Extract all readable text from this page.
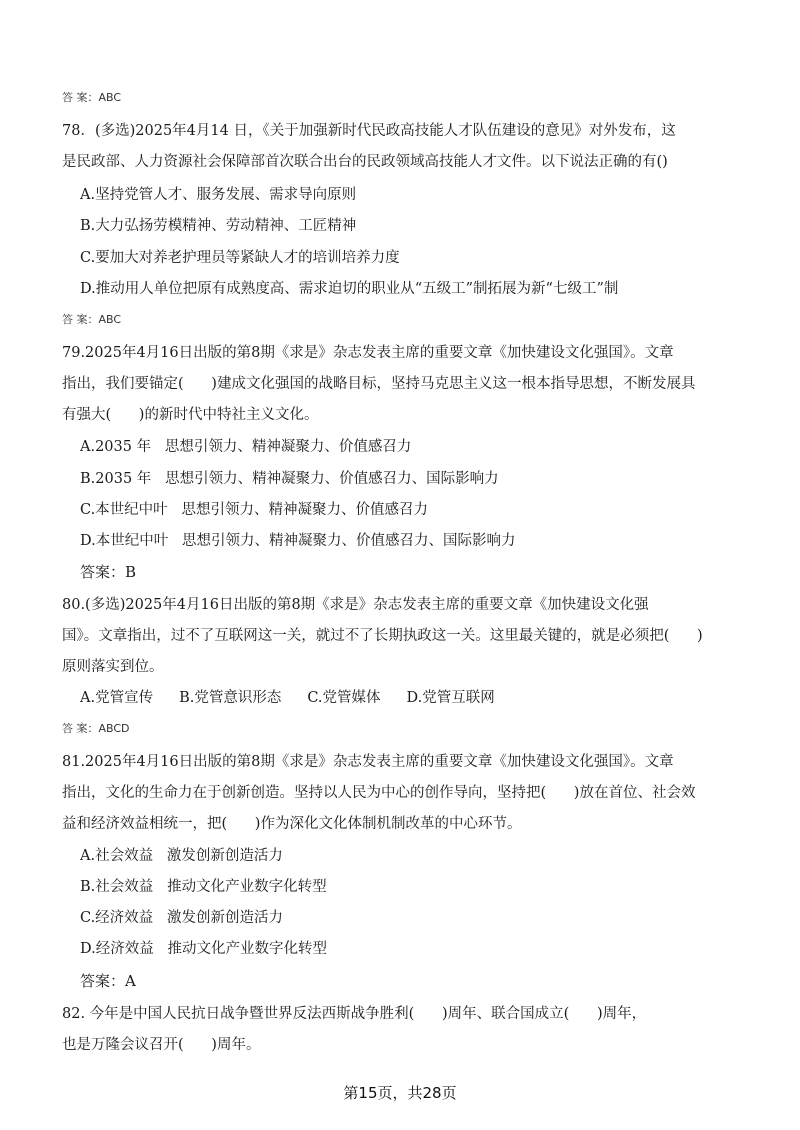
答 案：ABC
78．(多选)2025年4月14 日，《关于加强新时代民政高技能人才队伍建设的意见》对外发布，这
是民政部、人力资源社会保障部首次联合出台的民政领域高技能人才文件。以下说法正确的有()
A.坚持党管人才、服务发展、需求导向原则
B.大力弘扬劳模精神、劳动精神、工匠精神
C.要加大对养老护理员等紧缺人才的培训培养力度
D.推动用人单位把原有成熟度高、需求迫切的职业从“五级工”制拓展为新“七级工”制
答 案：ABC
79.2025年4月16日出版的第8期《求是》杂志发表主席的重要文章《加快建设文化强国》。文章
指出，我们要锚定(      )建成文化强国的战略目标，坚持马克思主义这一根本指导思想，不断发展具
有强大(      )的新时代中特社主义文化。
A.2035 年   思想引领力、精神凝聚力、价值感召力
B.2035 年   思想引领力、精神凝聚力、价值感召力、国际影响力
C.本世纪中叶   思想引领力、精神凝聚力、价值感召力
D.本世纪中叶   思想引领力、精神凝聚力、价值感召力、国际影响力
答案：B
80.(多选)2025年4月16日出版的第8期《求是》杂志发表主席的重要文章《加快建设文化强
国》。文章指出，过不了互联网这一关，就过不了长期执政这一关。这里最关键的，就是必须把(      )
原则落实到位。
A.党管宣传 B.党管意识形态 C.党管媒体 D.党管互联网
答 案：ABCD
81.2025年4月16日出版的第8期《求是》杂志发表主席的重要文章《加快建设文化强国》。文章
指出，文化的生命力在于创新创造。坚持以人民为中心的创作导向，坚持把(      )放在首位、社会效
益和经济效益相统一，把(      )作为深化文化体制机制改革的中心环节。
A.社会效益   激发创新创造活力
B.社会效益   推动文化产业数字化转型
C.经济效益   激发创新创造活力
D.经济效益   推动文化产业数字化转型
答案：A
82. 今年是中国人民抗日战争暨世界反法西斯战争胜利(      )周年、联合国成立(      )周年，
也是万隆会议召开(      )周年。
第15页，共28页
